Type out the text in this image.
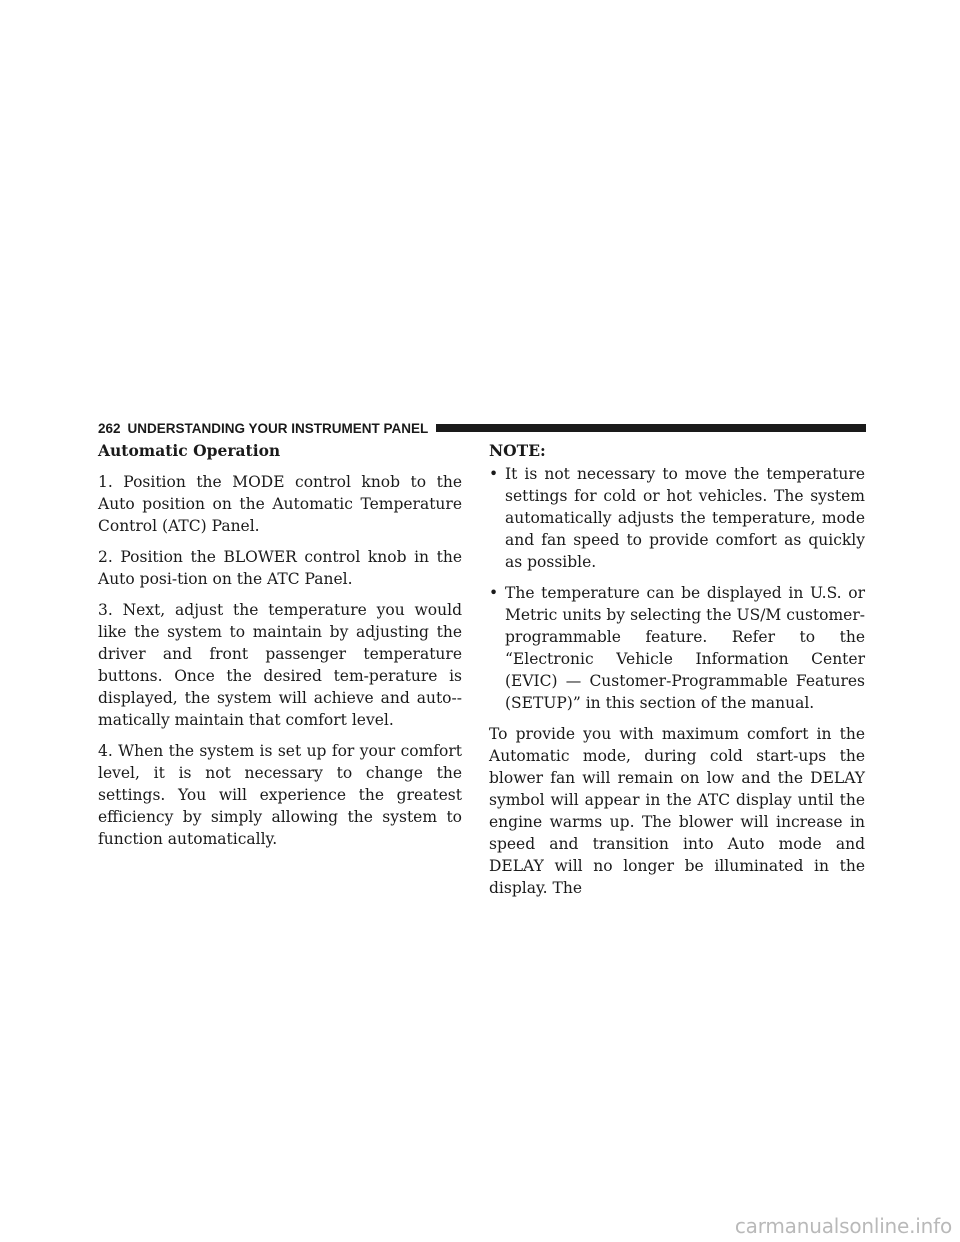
262 UNDERSTANDING YOUR INSTRUMENT PANEL

Automatic Operation

1. Position the MODE control knob to the Auto position on the Automatic Temperature Control (ATC) Panel.

2. Position the BLOWER control knob in the Auto posi-tion on the ATC Panel.

3. Next, adjust the temperature you would like the system to maintain by adjusting the driver and front passenger temperature buttons. Once the desired tem-perature is displayed, the system will achieve and auto-matically maintain that comfort level.

4. When the system is set up for your comfort level, it is not necessary to change the settings. You will experience the greatest efficiency by simply allowing the system to function automatically.

NOTE:

• It is not necessary to move the temperature settings for cold or hot vehicles. The system automatically adjusts the temperature, mode and fan speed to provide comfort as quickly as possible.
• The temperature can be displayed in U.S. or Metric units by selecting the US/M customer-programmable feature. Refer to the “Electronic Vehicle Information Center (EVIC) — Customer-Programmable Features (SETUP)” in this section of the manual.

To provide you with maximum comfort in the Automatic mode, during cold start-ups the blower fan will remain on low and the DELAY symbol will appear in the ATC display until the engine warms up. The blower will increase in speed and transition into Auto mode and DELAY will no longer be illuminated in the display. The

carmanualsonline.info
